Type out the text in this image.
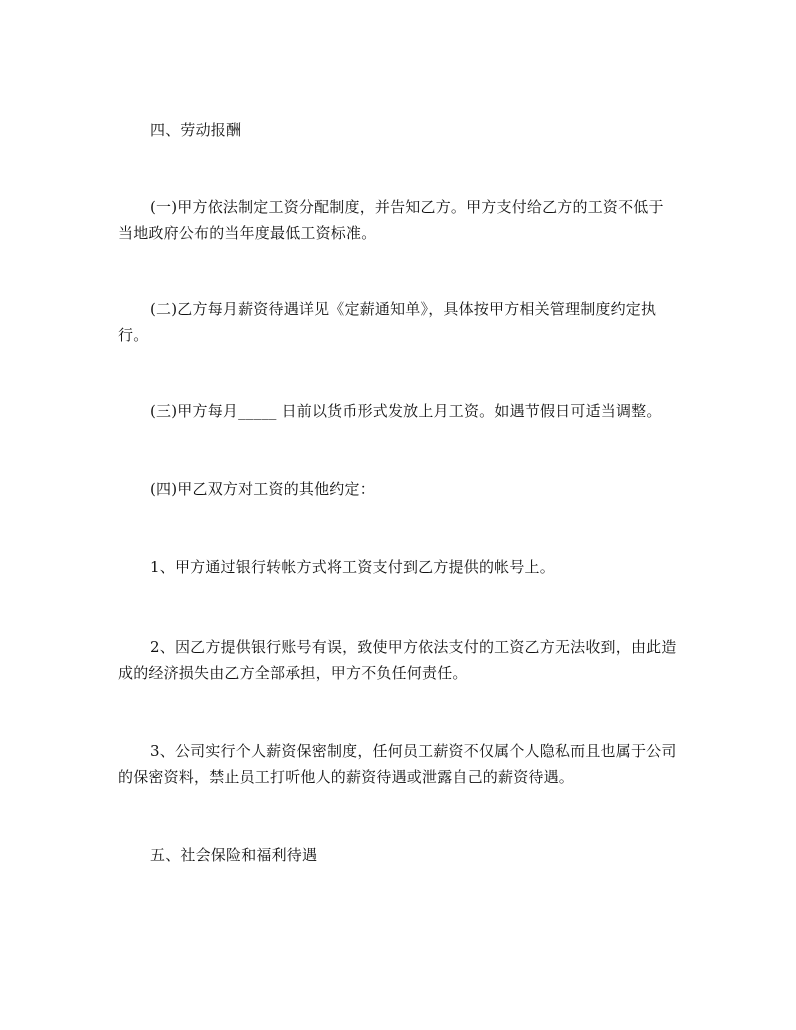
四、劳动报酬

(一)甲方依法制定工资分配制度，并告知乙方。甲方支付给乙方的工资不低于当地政府公布的当年度最低工资标准。

(二)乙方每月薪资待遇详见《定薪通知单》，具体按甲方相关管理制度约定执行。

(三)甲方每月_____ 日前以货币形式发放上月工资。如遇节假日可适当调整。

(四)甲乙双方对工资的其他约定：

1、甲方通过银行转帐方式将工资支付到乙方提供的帐号上。

2、因乙方提供银行账号有误，致使甲方依法支付的工资乙方无法收到，由此造成的经济损失由乙方全部承担，甲方不负任何责任。

3、公司实行个人薪资保密制度，任何员工薪资不仅属个人隐私而且也属于公司的保密资料，禁止员工打听他人的薪资待遇或泄露自己的薪资待遇。

五、社会保险和福利待遇
